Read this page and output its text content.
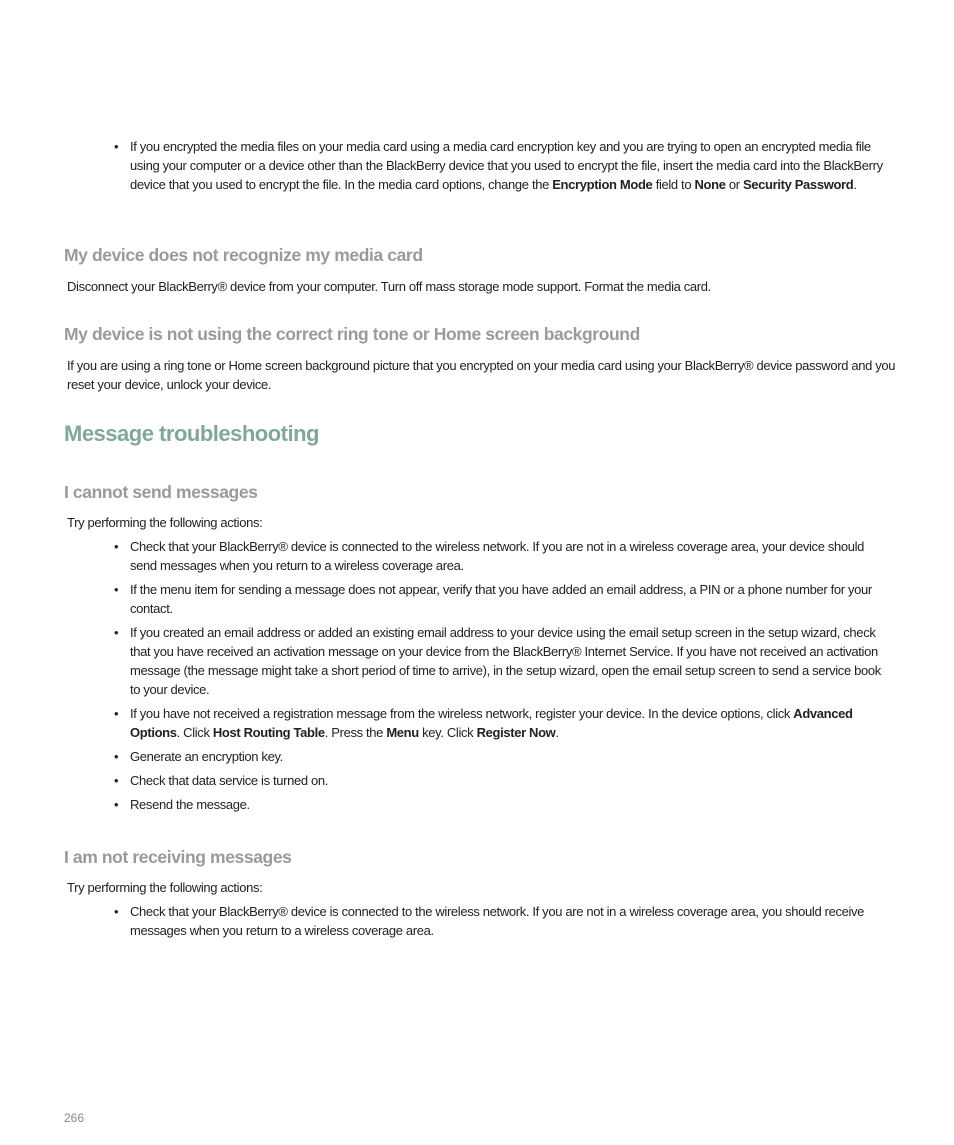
• If you encrypted the media files on your media card using a media card encryption key and you are trying to open an encrypted media file using your computer or a device other than the BlackBerry device that you used to encrypt the file, insert the media card into the BlackBerry device that you used to encrypt the file. In the media card options, change the Encryption Mode field to None or Security Password.
My device does not recognize my media card

Disconnect your BlackBerry® device from your computer. Turn off mass storage mode support. Format the media card.

My device is not using the correct ring tone or Home screen background

If you are using a ring tone or Home screen background picture that you encrypted on your media card using your BlackBerry® device password and you reset your device, unlock your device.

Message troubleshooting
I cannot send messages

Try performing the following actions:

• Check that your BlackBerry® device is connected to the wireless network. If you are not in a wireless coverage area, your device should send messages when you return to a wireless coverage area.
• If the menu item for sending a message does not appear, verify that you have added an email address, a PIN or a phone number for your contact.
• If you created an email address or added an existing email address to your device using the email setup screen in the setup wizard, check that you have received an activation message on your device from the BlackBerry® Internet Service. If you have not received an activation message (the message might take a short period of time to arrive), in the setup wizard, open the email setup screen to send a service book to your device.
• If you have not received a registration message from the wireless network, register your device. In the device options, click Advanced Options. Click Host Routing Table. Press the Menu key. Click Register Now.
• Generate an encryption key.
• Check that data service is turned on.
• Resend the message.
I am not receiving messages

Try performing the following actions:

• Check that your BlackBerry® device is connected to the wireless network. If you are not in a wireless coverage area, you should receive messages when you return to a wireless coverage area.
266
